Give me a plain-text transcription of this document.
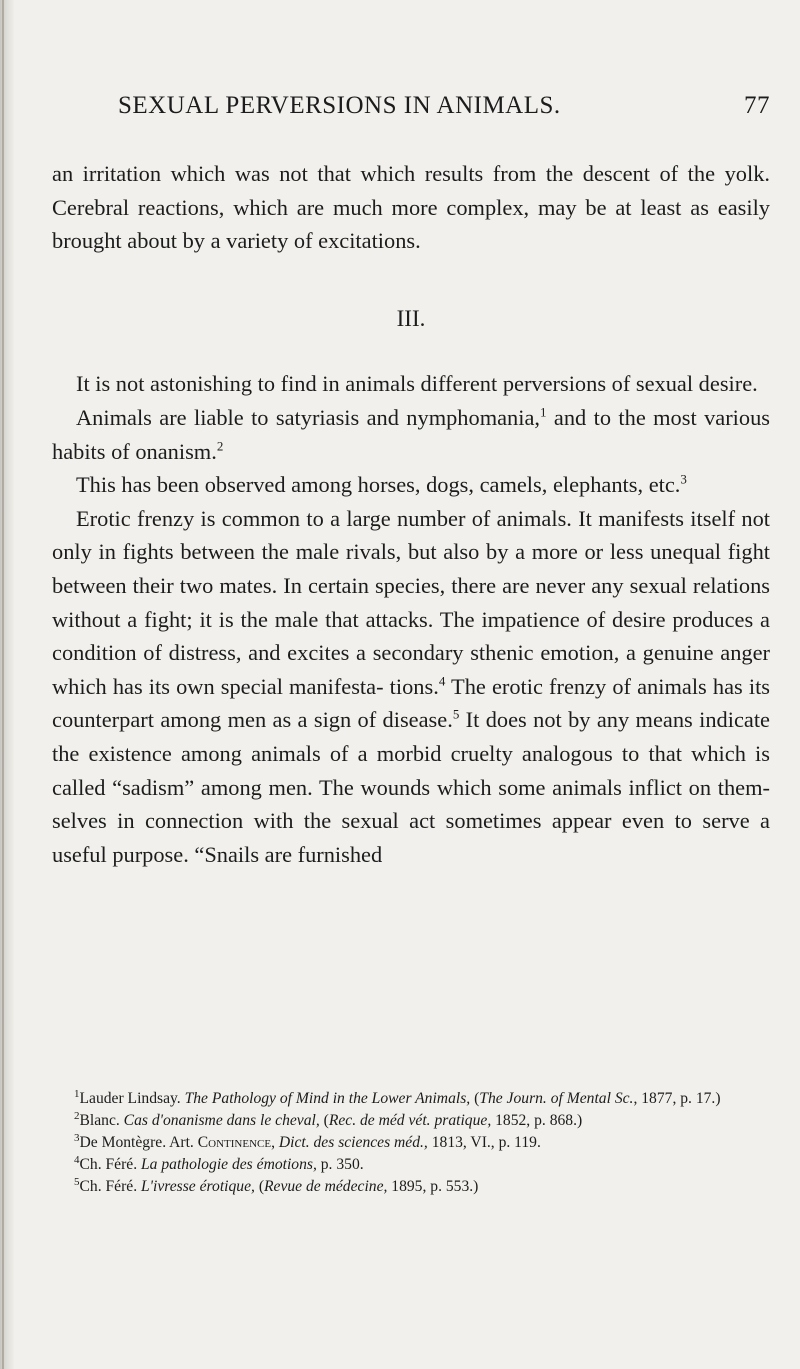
SEXUAL PERVERSIONS IN ANIMALS.	77

an irritation which was not that which results from the descent of the yolk. Cerebral reactions, which are much more complex, may be at least as easily brought about by a variety of excitations.

III.

It is not astonishing to find in animals different perversions of sexual desire.

Animals are liable to satyriasis and nymphomania,$^1$ and to the most various habits of onanism.$^2$

This has been observed among horses, dogs, camels, elephants, etc.$^3$

Erotic frenzy is common to a large number of animals. It manifests itself not only in fights between the male rivals, but also by a more or less unequal fight between their two mates. In certain species, there are never any sexual relations without a fight; it is the male that attacks. The impatience of desire produces a condition of distress, and excites a secondary sthenic emotion, a genuine anger which has its own special manifesta- tions.$^4$ The erotic frenzy of animals has its counterpart among men as a sign of disease.$^5$ It does not by any means indicate the existence among animals of a morbid cruelty analogous to that which is called “sadism” among men. The wounds which some animals inflict on them- selves in connection with the sexual act sometimes appear even to serve a useful purpose. “Snails are furnished

$^1$Lauder Lindsay. The Pathology of Mind in the Lower Animals, (The Journ. of Mental Sc., 1877, p. 17.)

$^2$Blanc. Cas d'onanisme dans le cheval, (Rec. de méd vét. pratique, 1852, p. 868.)

$^3$De Montègre. Art. Continence, Dict. des sciences méd., 1813, VI., p. 119.

$^4$Ch. Féré. La pathologie des émotions, p. 350.

$^5$Ch. Féré. L'ivresse érotique, (Revue de médecine, 1895, p. 553.)
